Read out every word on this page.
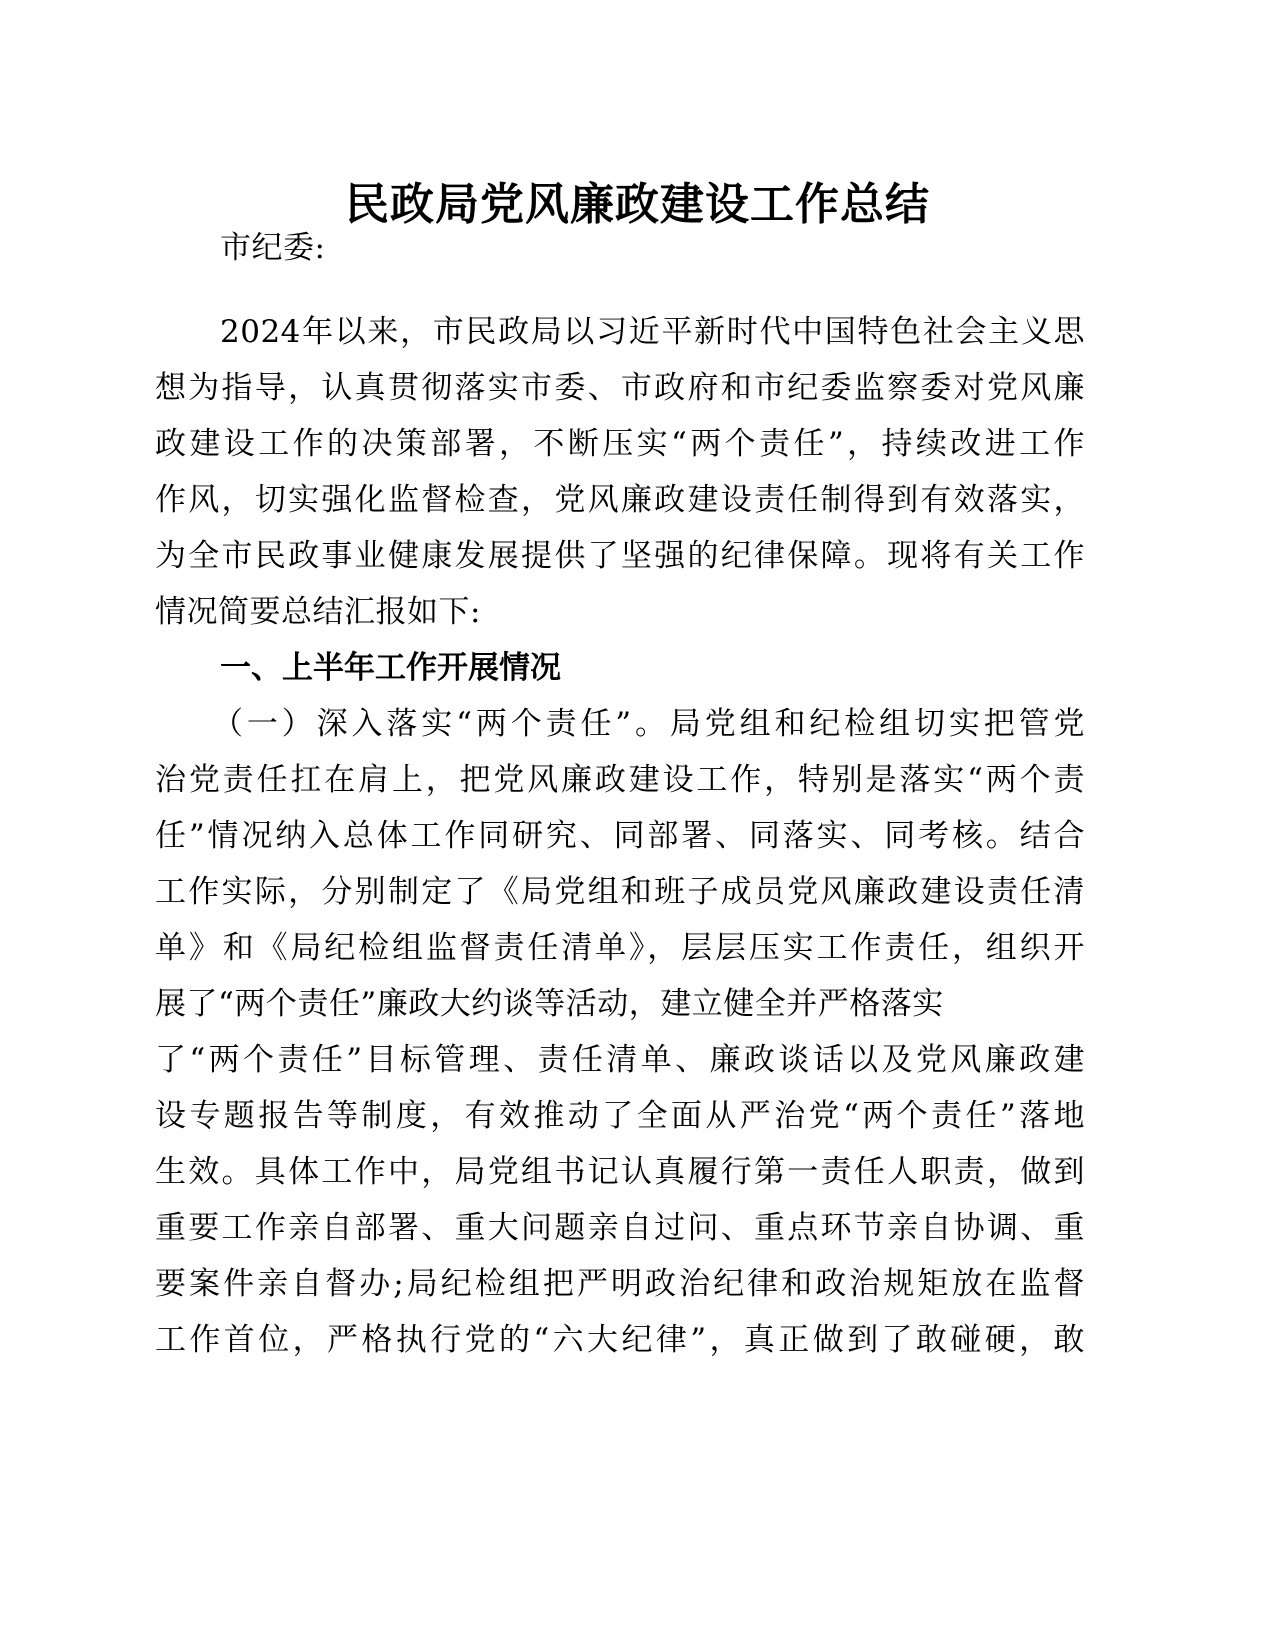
民政局党风廉政建设工作总结
市纪委:
2024年以来，市民政局以习近平新时代中国特色社会主义思
想为指导，认真贯彻落实市委、市政府和市纪委监察委对党风廉
政建设工作的决策部署，不断压实“两个责任”，持续改进工作
作风，切实强化监督检查，党风廉政建设责任制得到有效落实，
为全市民政事业健康发展提供了坚强的纪律保障。现将有关工作
情况简要总结汇报如下:
一、上半年工作开展情况
（一）深入落实“两个责任”。局党组和纪检组切实把管党
治党责任扛在肩上，把党风廉政建设工作，特别是落实“两个责
任”情况纳入总体工作同研究、同部署、同落实、同考核。结合
工作实际，分别制定了《局党组和班子成员党风廉政建设责任清
单》和《局纪检组监督责任清单》，层层压实工作责任，组织开
展了“两个责任”廉政大约谈等活动，建立健全并严格落实
了“两个责任”目标管理、责任清单、廉政谈话以及党风廉政建
设专题报告等制度，有效推动了全面从严治党“两个责任”落地
生效。具体工作中，局党组书记认真履行第一责任人职责，做到
重要工作亲自部署、重大问题亲自过问、重点环节亲自协调、重
要案件亲自督办;局纪检组把严明政治纪律和政治规矩放在监督
工作首位，严格执行党的“六大纪律”，真正做到了敢碰硬，敢
